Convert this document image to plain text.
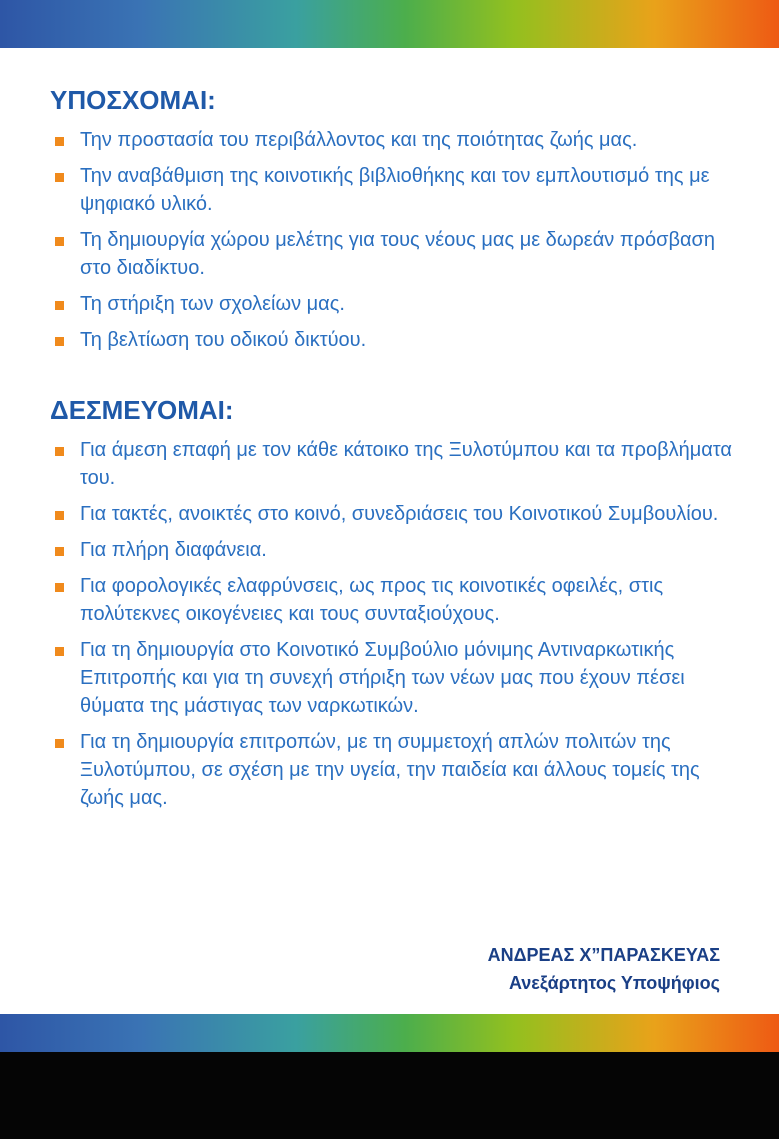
ΥΠΟΣΧΟΜΑΙ:
Την προστασία του περιβάλλοντος και της ποιότητας ζωής μας.
Την αναβάθμιση της κοινοτικής βιβλιοθήκης και τον εμπλουτισμό της με ψηφιακό υλικό.
Τη δημιουργία χώρου μελέτης για τους νέους μας με δωρεάν πρόσβαση στο διαδίκτυο.
Τη στήριξη των σχολείων μας.
Τη βελτίωση του οδικού δικτύου.
ΔΕΣΜΕΥΟΜΑΙ:
Για άμεση επαφή με τον κάθε κάτοικο της Ξυλοτύμπου και τα προβλήματα του.
Για τακτές, ανοικτές στο κοινό, συνεδριάσεις του Κοινοτικού Συμβουλίου.
Για πλήρη διαφάνεια.
Για φορολογικές ελαφρύνσεις, ως προς τις κοινοτικές οφειλές, στις πολύτεκνες οικογένειες και τους συνταξιούχους.
Για τη δημιουργία στο Κοινοτικό Συμβούλιο μόνιμης Αντιναρκωτικής Επιτροπής και για τη συνεχή στήριξη των νέων μας που έχουν πέσει θύματα της μάστιγας των ναρκωτικών.
Για τη δημιουργία επιτροπών, με τη συμμετοχή απλών πολιτών της Ξυλοτύμπου, σε σχέση με την υγεία, την παιδεία και άλλους τομείς της ζωής μας.
ΑΝΔΡΕΑΣ Χ”ΠΑΡΑΣΚΕΥΑΣ
Ανεξάρτητος Υποψήφιος
